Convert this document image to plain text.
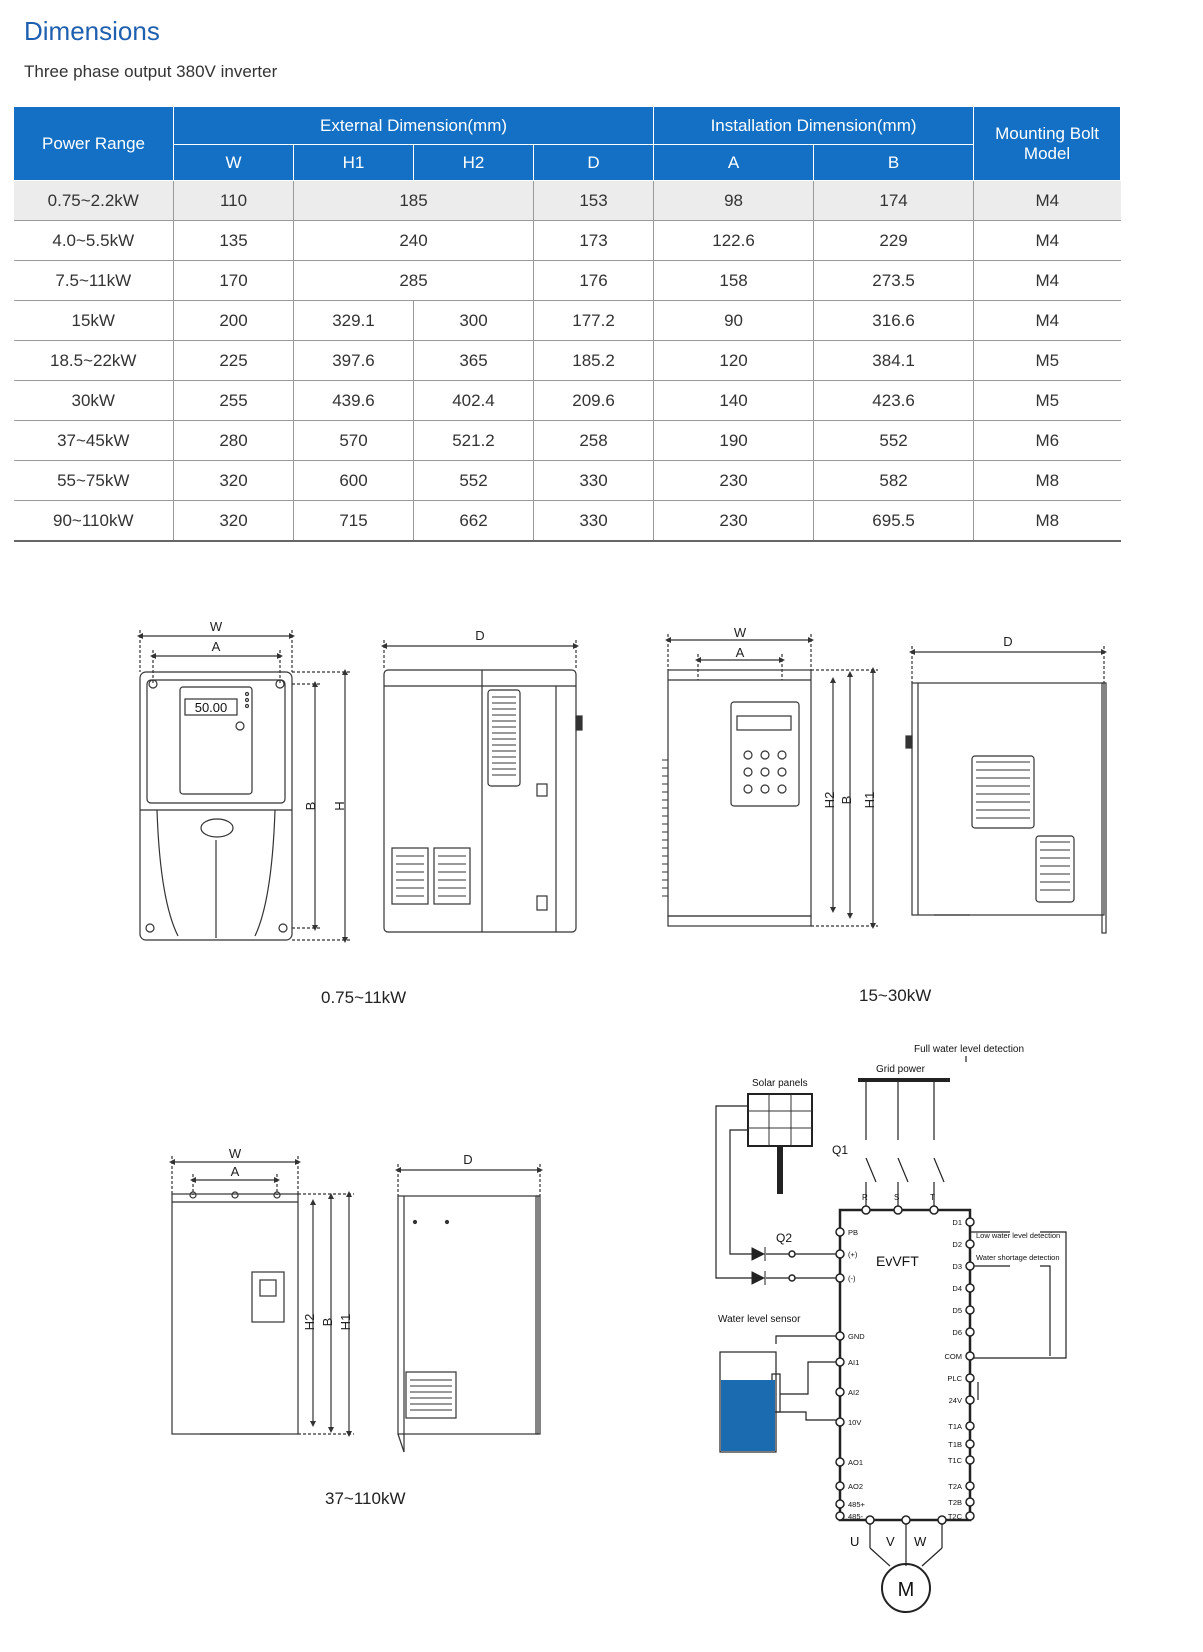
Dimensions
Three phase output 380V inverter
Power Range	External Dimension(mm)				Installation Dimension(mm)		Mounting Bolt Model
	W	H1	H2	D	A	B	
0.75~2.2kW	110	185		153	98	174	M4
4.0~5.5kW	135	240		173	122.6	229	M4
7.5~11kW	170	285		176	158	273.5	M4
15kW	200	329.1	300	177.2	90	316.6	M4
18.5~22kW	225	397.6	365	185.2	120	384.1	M5
30kW	255	439.6	402.4	209.6	140	423.6	M5
37~45kW	280	570	521.2	258	190	552	M6
55~75kW	320	600	552	330	230	582	M8
90~110kW	320	715	662	330	230	695.5	M8
W
A
B H
50.00
D	W
A
H2 B H1
D
W
A
H2 B H1
D
Full water level detection
Grid power
Solar panels
Q1
Q2
R	S	T
EvVFT
PB
(+)
(-)
GND
AI1
AI2
10V
AO1
AO2
485+
485-
D1
D2
D3
D4
D5
D6
COM
PLC
24V
T1A
T1B
T1C
T2A
T2B
T2C
Low water level detection
Water shortage detection
Water level sensor
U V W
M
0.75~11kW	15~30kW
37~110kW
